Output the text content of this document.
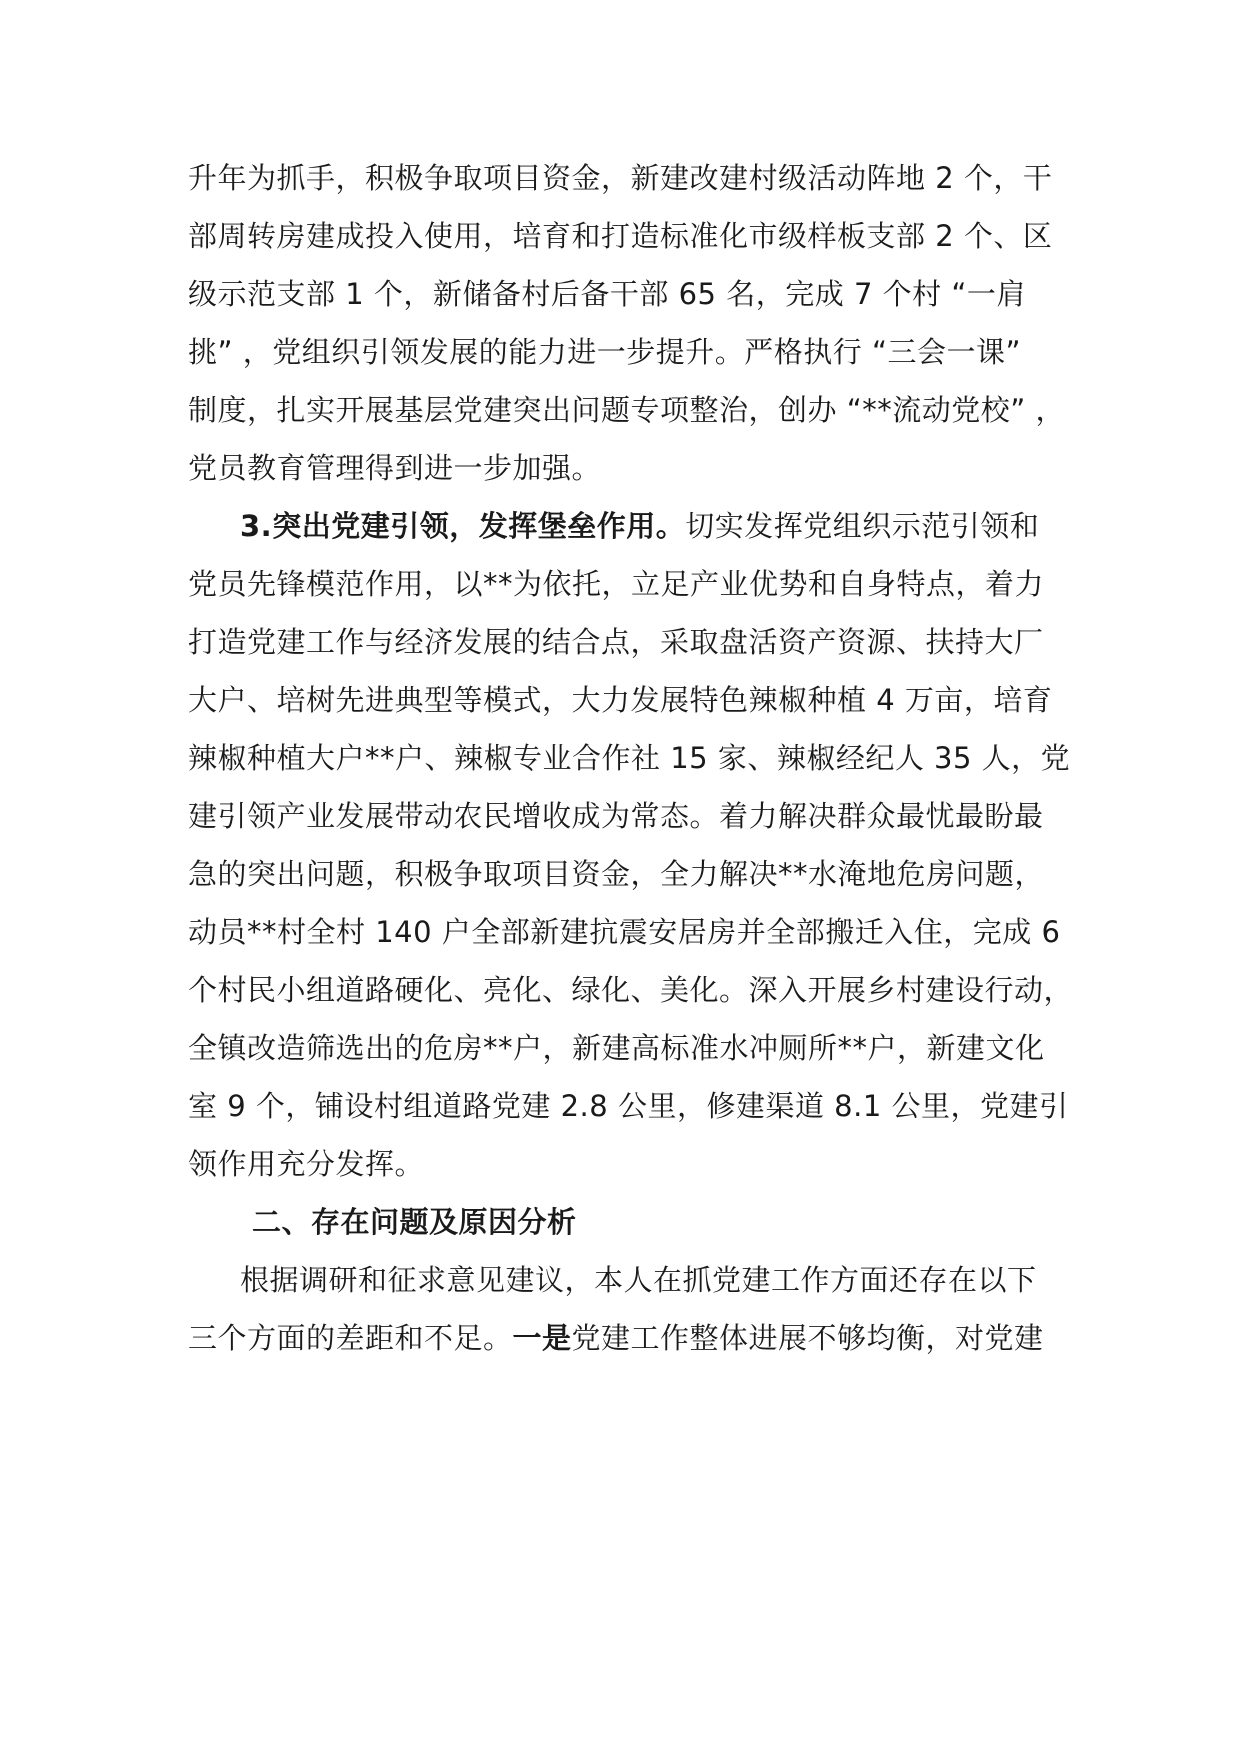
升年为抓手，积极争取项目资金，新建改建村级活动阵地 2 个，干
部周转房建成投入使用，培育和打造标准化市级样板支部 2 个、区
级示范支部 1 个，新储备村后备干部 65 名，完成 7 个村 “一肩
挑” ，党组织引领发展的能力进一步提升。严格执行 “三会一课”
制度，扎实开展基层党建突出问题专项整治，创办 “**流动党校” ，
党员教育管理得到进一步加强。
3.突出党建引领，发挥堡垒作用。切实发挥党组织示范引领和
党员先锋模范作用，以**为依托，立足产业优势和自身特点，着力
打造党建工作与经济发展的结合点，采取盘活资产资源、扶持大厂
大户、培树先进典型等模式，大力发展特色辣椒种植 4 万亩，培育
辣椒种植大户**户、辣椒专业合作社 15 家、辣椒经纪人 35 人，党
建引领产业发展带动农民增收成为常态。着力解决群众最忧最盼最
急的突出问题，积极争取项目资金，全力解决**水淹地危房问题，
动员**村全村 140 户全部新建抗震安居房并全部搬迁入住，完成 6
个村民小组道路硬化、亮化、绿化、美化。深入开展乡村建设行动，
全镇改造筛选出的危房**户，新建高标准水冲厕所**户，新建文化
室 9 个，铺设村组道路党建 2.8 公里，修建渠道 8.1 公里，党建引
领作用充分发挥。
二、存在问题及原因分析
根据调研和征求意见建议，本人在抓党建工作方面还存在以下
三个方面的差距和不足。一是党建工作整体进展不够均衡，对党建
